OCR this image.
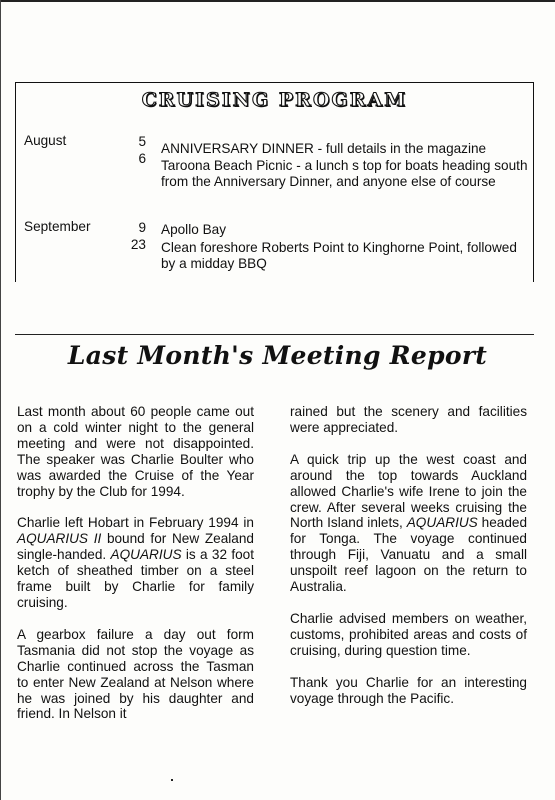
CRUISING PROGRAM
August	5 ANNIVERSARY DINNER - full details in the magazine
6 Taroona Beach Picnic - a lunch s top for boats heading south from the Anniversary Dinner, and anyone else of course
September	9 Apollo Bay
23 Clean foreshore Roberts Point to Kinghorne Point, followed by a midday BBQ
Last Month's Meeting Report

Last month about 60 people came out on a cold winter night to the general meeting and were not disappointed. The speaker was Charlie Boulter who was awarded the Cruise of the Year trophy by the Club for 1994.

Charlie left Hobart in February 1994 in AQUARIUS II bound for New Zealand single-handed. AQUARIUS is a 32 foot ketch of sheathed timber on a steel frame built by Charlie for family cruising.

A gearbox failure a day out form Tasmania did not stop the voyage as Charlie continued across the Tasman to enter New Zealand at Nelson where he was joined by his daughter and friend. In Nelson it

rained but the scenery and facilities were appreciated.

A quick trip up the west coast and around the top towards Auckland allowed Charlie's wife Irene to join the crew. After several weeks cruising the North Island inlets, AQUARIUS headed for Tonga. The voyage continued through Fiji, Vanuatu and a small unspoilt reef lagoon on the return to Australia.

Charlie advised members on weather, customs, prohibited areas and costs of cruising, during question time.

Thank you Charlie for an interesting voyage through the Pacific.
